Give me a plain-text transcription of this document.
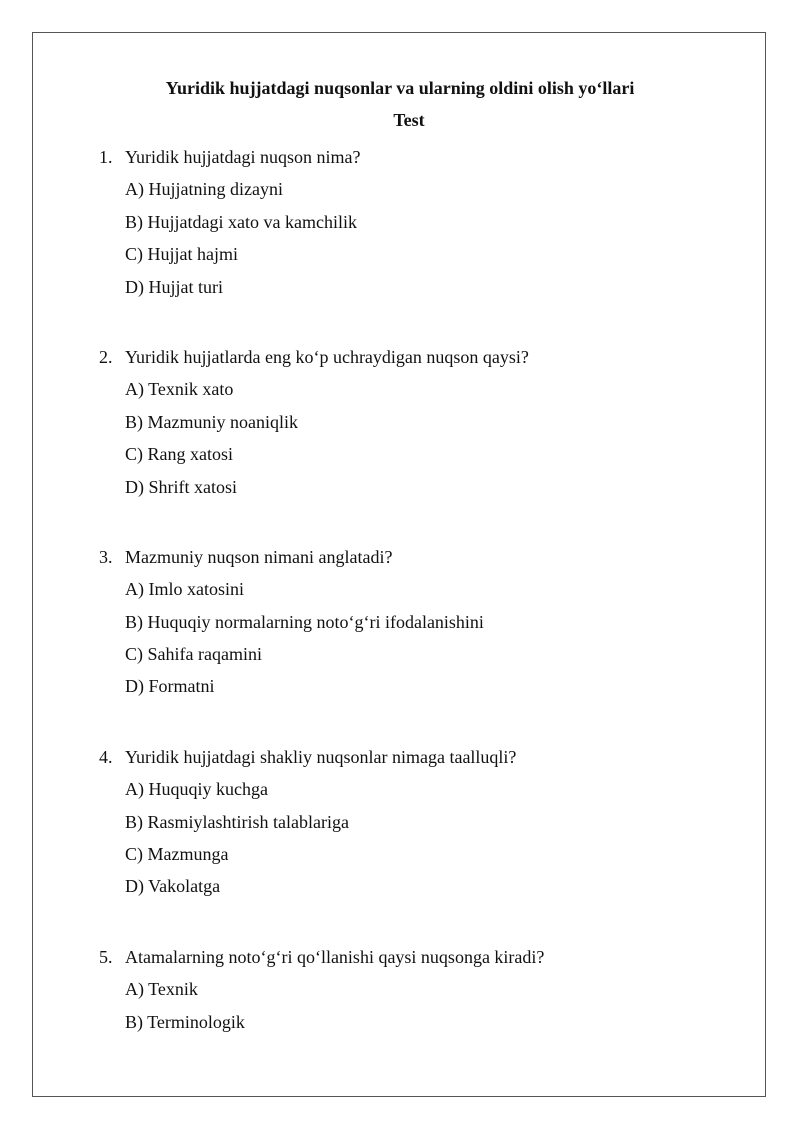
Yuridik hujjatdagi nuqsonlar va ularning oldini olish yo‘llari
Test
1. Yuridik hujjatdagi nuqson nima?
A) Hujjatning dizayni
B) Hujjatdagi xato va kamchilik
C) Hujjat hajmi
D) Hujjat turi
2. Yuridik hujjatlarda eng ko‘p uchraydigan nuqson qaysi?
A) Texnik xato
B) Mazmuniy noaniqlik
C) Rang xatosi
D) Shrift xatosi
3. Mazmuniy nuqson nimani anglatadi?
A) Imlo xatosini
B) Huquqiy normalarning noto‘g‘ri ifodalanishini
C) Sahifa raqamini
D) Formatni
4. Yuridik hujjatdagi shakliy nuqsonlar nimaga taalluqli?
A) Huquqiy kuchga
B) Rasmiylashtirish talablariga
C) Mazmunga
D) Vakolatga
5. Atamalarning noto‘g‘ri qo‘llanishi qaysi nuqsonga kiradi?
A) Texnik
B) Terminologik
